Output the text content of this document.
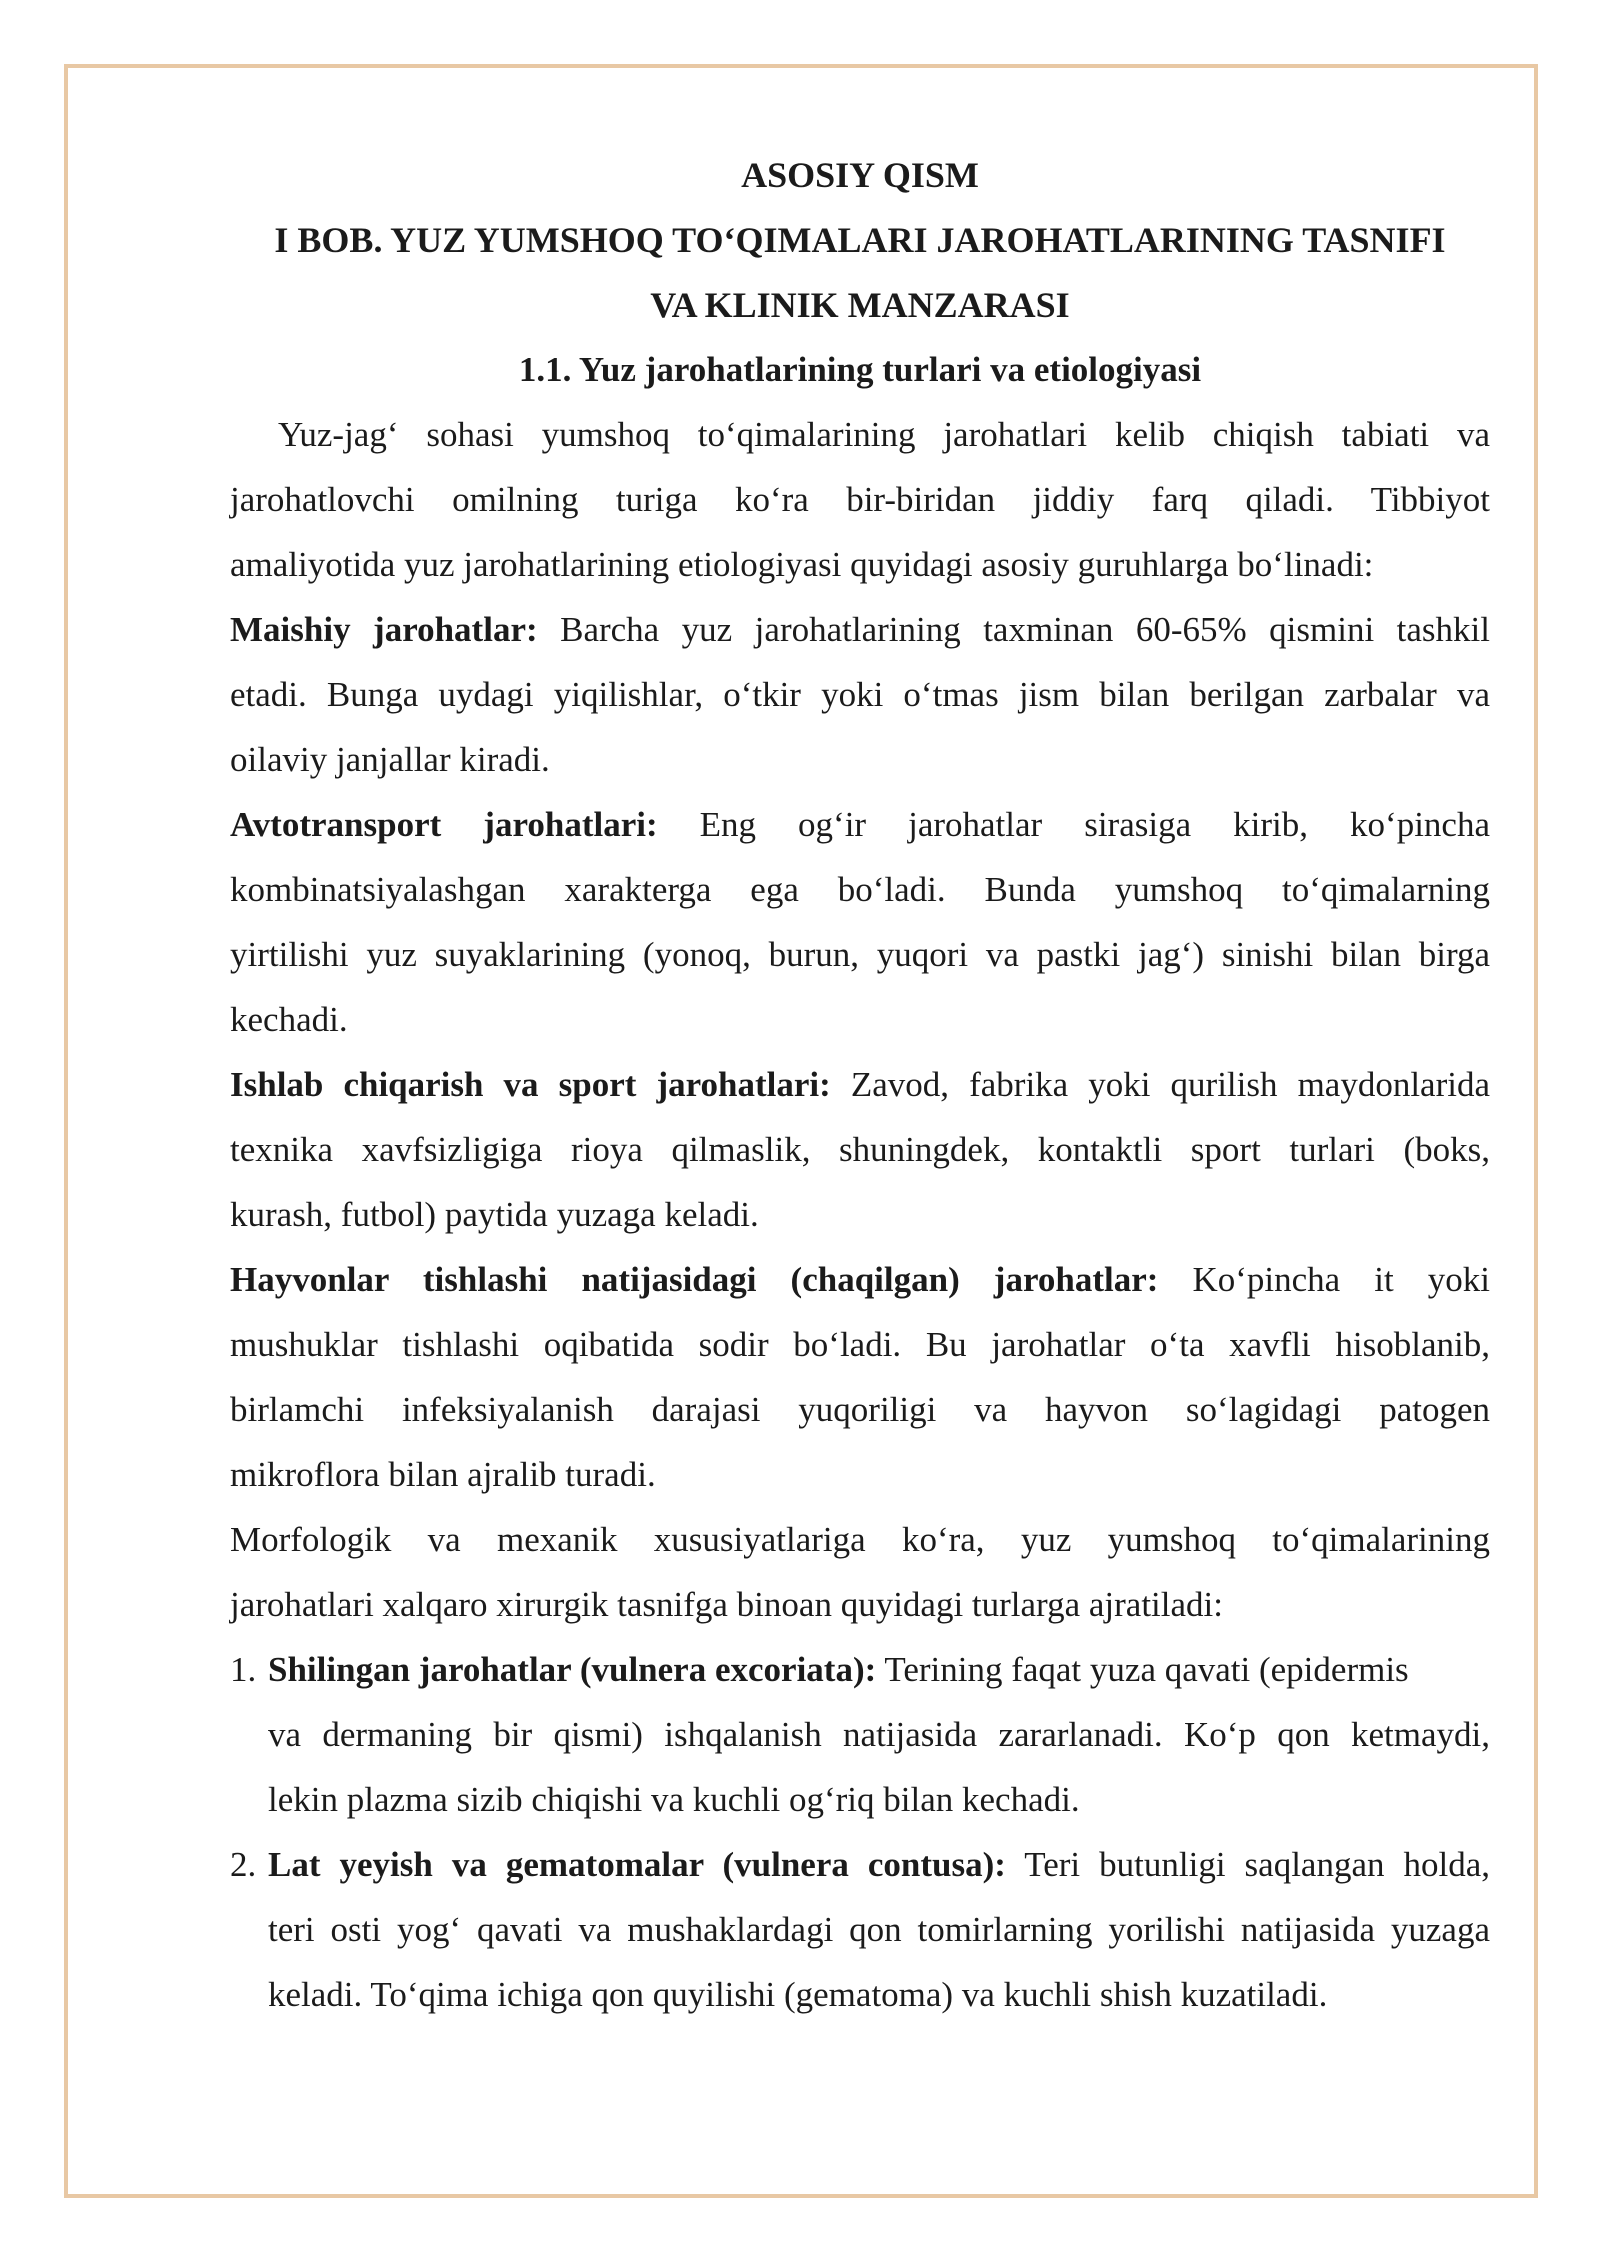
ASOSIY QISM
I BOB. YUZ YUMSHOQ TO‘QIMALARI JAROHATLARINING TASNIFI
VA KLINIK MANZARASI
1.1. Yuz jarohatlarining turlari va etiologiyasi
Yuz-jag‘ sohasi yumshoq to‘qimalarining jarohatlari kelib chiqish tabiati va
jarohatlovchi omilning turiga ko‘ra bir-biridan jiddiy farq qiladi. Tibbiyot
amaliyotida yuz jarohatlarining etiologiyasi quyidagi asosiy guruhlarga bo‘linadi:
Maishiy jarohatlar: Barcha yuz jarohatlarining taxminan 60-65% qismini tashkil
etadi. Bunga uydagi yiqilishlar, o‘tkir yoki o‘tmas jism bilan berilgan zarbalar va
oilaviy janjallar kiradi.
Avtotransport jarohatlari: Eng og‘ir jarohatlar sirasiga kirib, ko‘pincha
kombinatsiyalashgan xarakterga ega bo‘ladi. Bunda yumshoq to‘qimalarning
yirtilishi yuz suyaklarining (yonoq, burun, yuqori va pastki jag‘) sinishi bilan birga
kechadi.
Ishlab chiqarish va sport jarohatlari: Zavod, fabrika yoki qurilish maydonlarida
texnika xavfsizligiga rioya qilmaslik, shuningdek, kontaktli sport turlari (boks,
kurash, futbol) paytida yuzaga keladi.
Hayvonlar tishlashi natijasidagi (chaqilgan) jarohatlar: Ko‘pincha it yoki
mushuklar tishlashi oqibatida sodir bo‘ladi. Bu jarohatlar o‘ta xavfli hisoblanib,
birlamchi infeksiyalanish darajasi yuqoriligi va hayvon so‘lagidagi patogen
mikroflora bilan ajralib turadi.
Morfologik va mexanik xususiyatlariga ko‘ra, yuz yumshoq to‘qimalarining
jarohatlari xalqaro xirurgik tasnifga binoan quyidagi turlarga ajratiladi:
1. Shilingan jarohatlar (vulnera excoriata): Terining faqat yuza qavati (epidermis
va dermaning bir qismi) ishqalanish natijasida zararlanadi. Ko‘p qon ketmaydi,
lekin plazma sizib chiqishi va kuchli og‘riq bilan kechadi.
2. Lat yeyish va gematomalar (vulnera contusa): Teri butunligi saqlangan holda,
teri osti yog‘ qavati va mushaklardagi qon tomirlarning yorilishi natijasida yuzaga
keladi. To‘qima ichiga qon quyilishi (gematoma) va kuchli shish kuzatiladi.
